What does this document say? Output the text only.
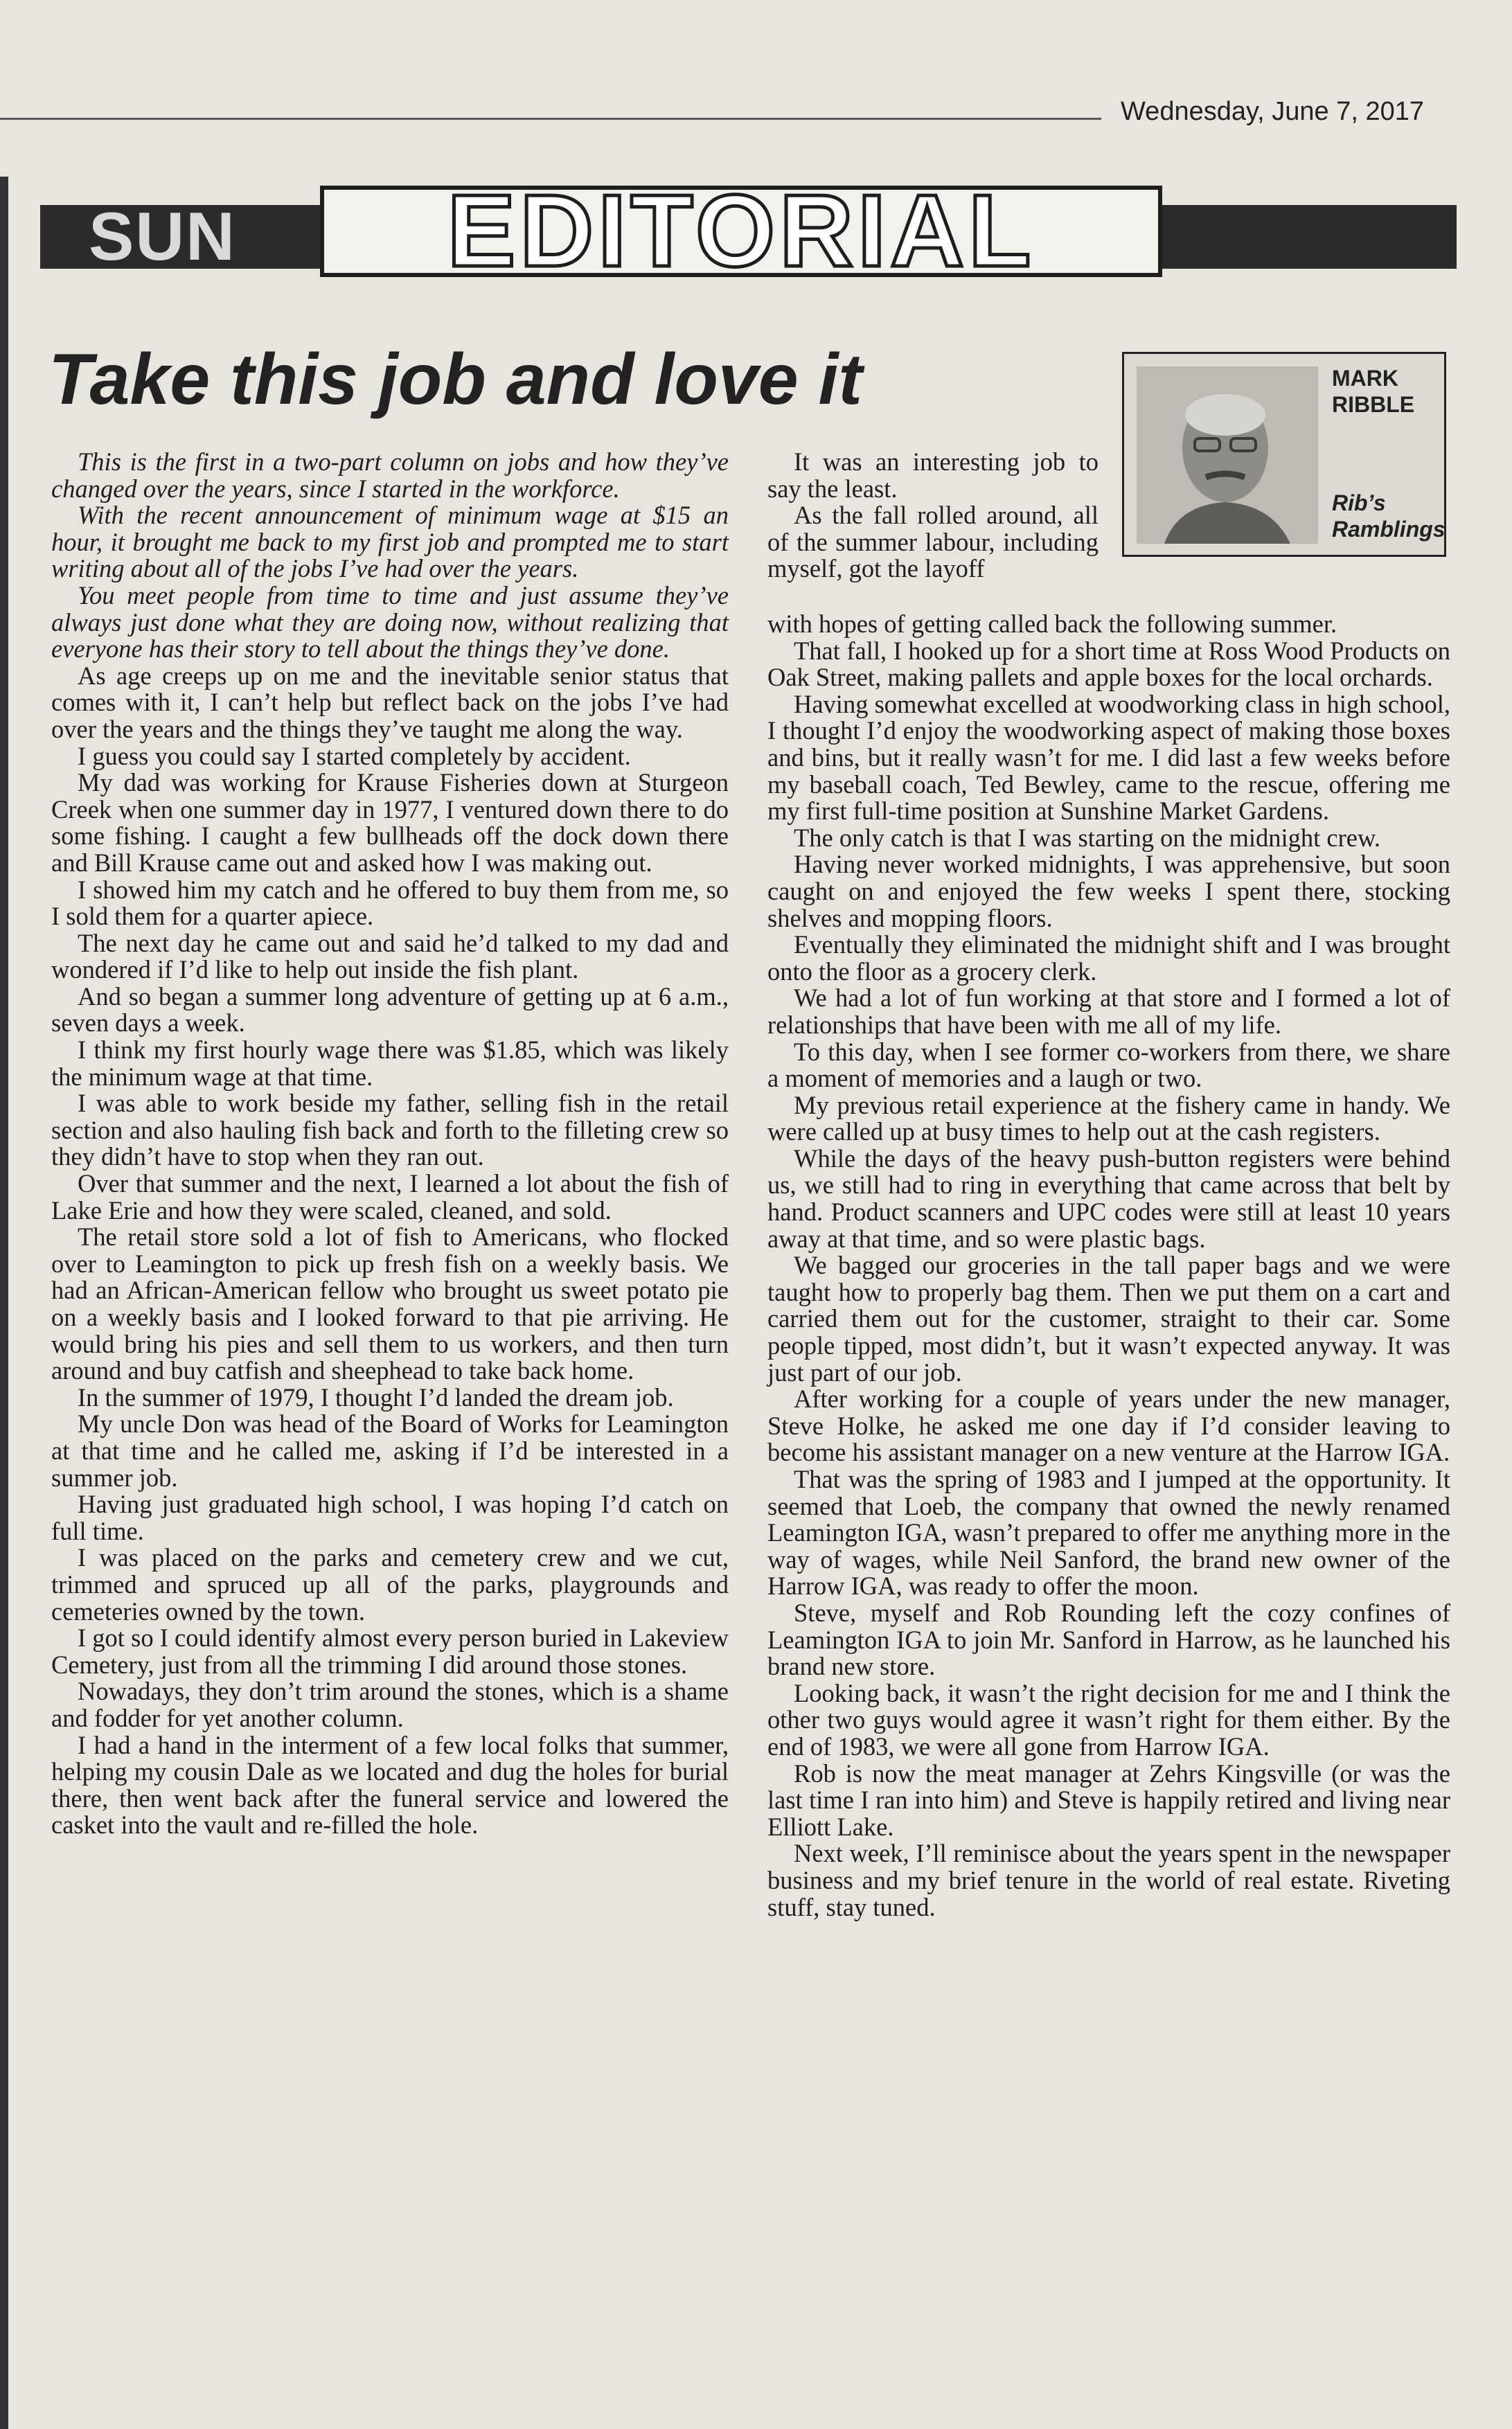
Wednesday, June 7, 2017
SUN	EDITORIAL
Take this job and love it	MARK
RIBBLE
Rib’s
Ramblings

This is the first in a two-part column on jobs and how they’ve changed over the years, since I started in the workforce.

With the recent announcement of minimum wage at $15 an hour, it brought me back to my first job and prompted me to start writing about all of the jobs I’ve had over the years.

You meet people from time to time and just assume they’ve always just done what they are doing now, without realizing that everyone has their story to tell about the things they’ve done.

As age creeps up on me and the inevitable senior status that comes with it, I can’t help but reflect back on the jobs I’ve had over the years and the things they’ve taught me along the way.

I guess you could say I started completely by accident.

My dad was working for Krause Fisheries down at Sturgeon Creek when one summer day in 1977, I ventured down there to do some fishing. I caught a few bullheads off the dock down there and Bill Krause came out and asked how I was making out.

I showed him my catch and he offered to buy them from me, so I sold them for a quarter apiece.

The next day he came out and said he’d talked to my dad and wondered if I’d like to help out inside the fish plant.

And so began a summer long adventure of getting up at 6 a.m., seven days a week.

I think my first hourly wage there was $1.85, which was likely the minimum wage at that time.

I was able to work beside my father, selling fish in the retail section and also hauling fish back and forth to the filleting crew so they didn’t have to stop when they ran out.

Over that summer and the next, I learned a lot about the fish of Lake Erie and how they were scaled, cleaned, and sold.

The retail store sold a lot of fish to Americans, who flocked over to Leamington to pick up fresh fish on a weekly basis. We had an African-American fellow who brought us sweet potato pie on a weekly basis and I looked forward to that pie arriving. He would bring his pies and sell them to us workers, and then turn around and buy catfish and sheephead to take back home.

In the summer of 1979, I thought I’d landed the dream job.

My uncle Don was head of the Board of Works for Leamington at that time and he called me, asking if I’d be interested in a summer job.

Having just graduated high school, I was hoping I’d catch on full time.

I was placed on the parks and cemetery crew and we cut, trimmed and spruced up all of the parks, playgrounds and cemeteries owned by the town.

I got so I could identify almost every person buried in Lakeview Cemetery, just from all the trimming I did around those stones.

Nowadays, they don’t trim around the stones, which is a shame and fodder for yet another column.

I had a hand in the interment of a few local folks that summer, helping my cousin Dale as we located and dug the holes for burial there, then went back after the funeral service and lowered the casket into the vault and re-filled the hole.

It was an interesting job to say the least.

As the fall rolled around, all of the summer labour, including myself, got the layoff

with hopes of getting called back the following summer.

That fall, I hooked up for a short time at Ross Wood Products on Oak Street, making pallets and apple boxes for the local orchards.

Having somewhat excelled at woodworking class in high school, I thought I’d enjoy the woodworking aspect of making those boxes and bins, but it really wasn’t for me. I did last a few weeks before my baseball coach, Ted Bewley, came to the rescue, offering me my first full-time position at Sunshine Market Gardens.

The only catch is that I was starting on the midnight crew.

Having never worked midnights, I was apprehensive, but soon caught on and enjoyed the few weeks I spent there, stocking shelves and mopping floors.

Eventually they eliminated the midnight shift and I was brought onto the floor as a grocery clerk.

We had a lot of fun working at that store and I formed a lot of relationships that have been with me all of my life.

To this day, when I see former co-workers from there, we share a moment of memories and a laugh or two.

My previous retail experience at the fishery came in handy. We were called up at busy times to help out at the cash registers.

While the days of the heavy push-button registers were behind us, we still had to ring in everything that came across that belt by hand. Product scanners and UPC codes were still at least 10 years away at that time, and so were plastic bags.

We bagged our groceries in the tall paper bags and we were taught how to properly bag them. Then we put them on a cart and carried them out for the customer, straight to their car. Some people tipped, most didn’t, but it wasn’t expected anyway. It was just part of our job.

After working for a couple of years under the new manager, Steve Holke, he asked me one day if I’d consider leaving to become his assistant manager on a new venture at the Harrow IGA.

That was the spring of 1983 and I jumped at the opportunity. It seemed that Loeb, the company that owned the newly renamed Leamington IGA, wasn’t prepared to offer me anything more in the way of wages, while Neil Sanford, the brand new owner of the Harrow IGA, was ready to offer the moon.

Steve, myself and Rob Rounding left the cozy confines of Leamington IGA to join Mr. Sanford in Harrow, as he launched his brand new store.

Looking back, it wasn’t the right decision for me and I think the other two guys would agree it wasn’t right for them either. By the end of 1983, we were all gone from Harrow IGA.

Rob is now the meat manager at Zehrs Kingsville (or was the last time I ran into him) and Steve is happily retired and living near Elliott Lake.

Next week, I’ll reminisce about the years spent in the newspaper business and my brief tenure in the world of real estate. Riveting stuff, stay tuned.
